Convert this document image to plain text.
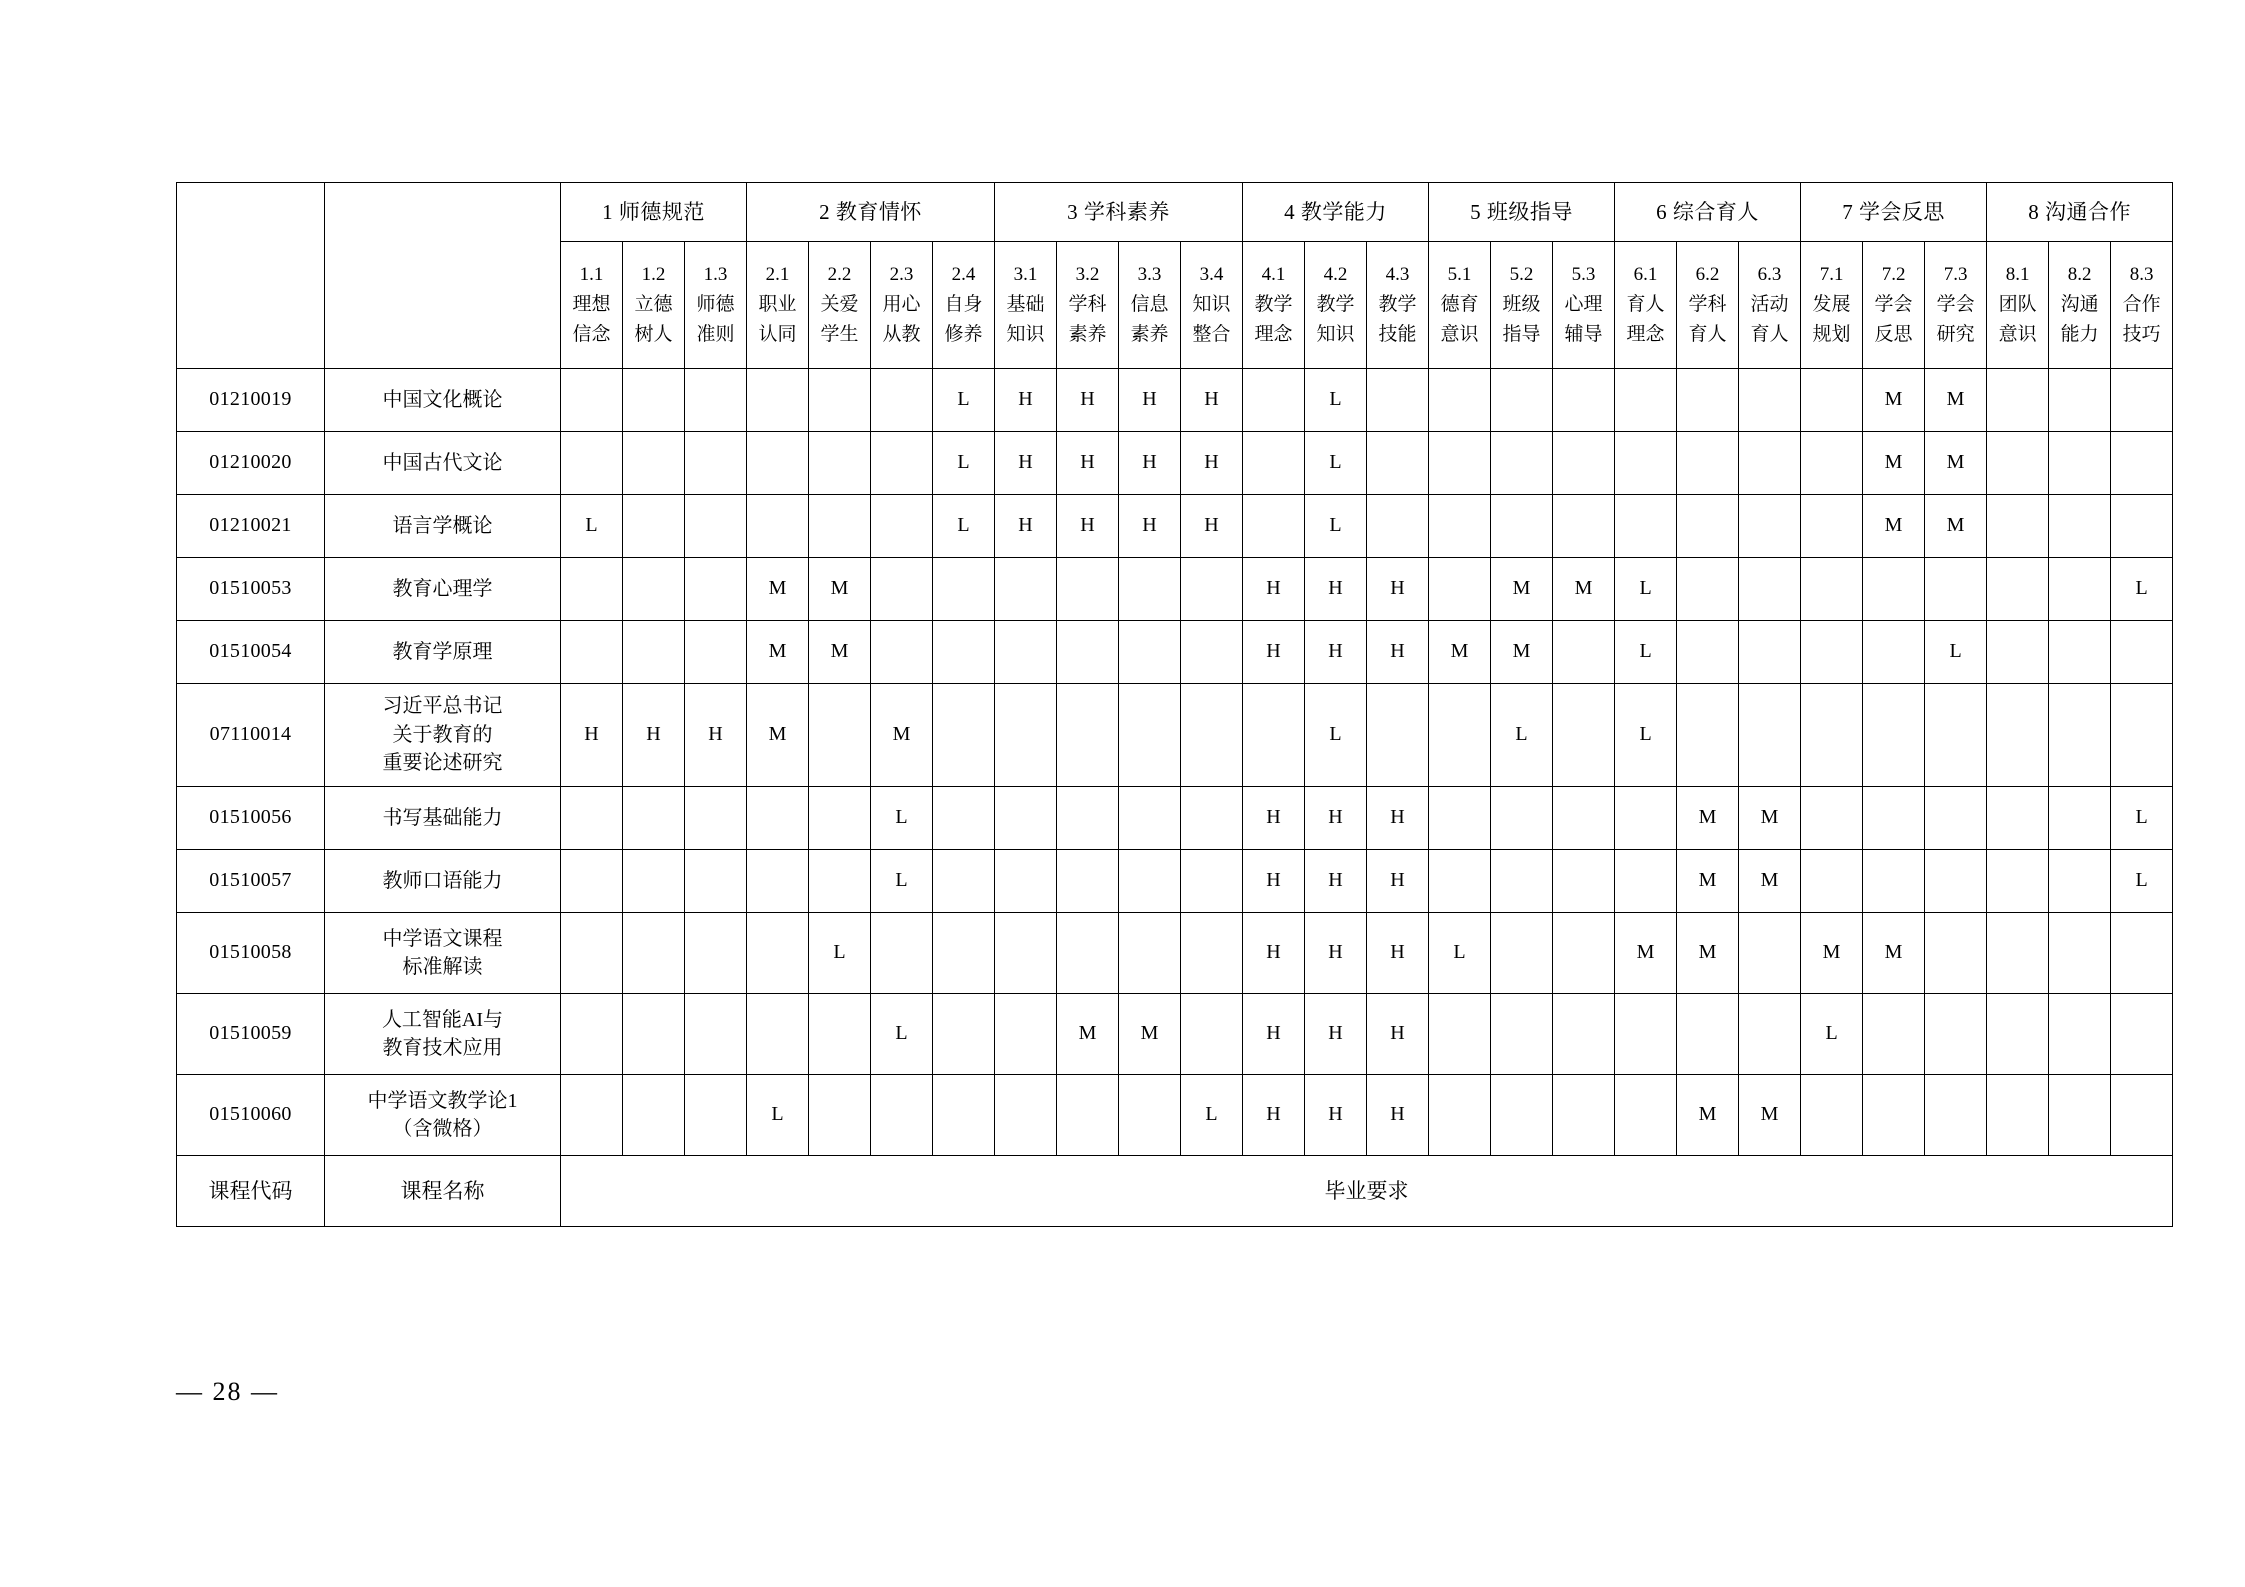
		1 师德规范			2 教育情怀				3 学科素养				4 教学能力			5 班级指导			6 综合育人			7 学会反思			8 沟通合作		

		1.1
理想
信念	1.2
立德
树人	1.3
师德
准则	2.1
职业
认同	2.2
关爱
学生	2.3
用心
从教	2.4
自身
修养	3.1
基础
知识	3.2
学科
素养	3.3
信息
素养	3.4
知识
整合	4.1
教学
理念	4.2
教学
知识	4.3
教学
技能	5.1
德育
意识	5.2
班级
指导	5.3
心理
辅导	6.1
育人
理念	6.2
学科
育人	6.3
活动
育人	7.1
发展
规划	7.2
学会
反思	7.3
学会
研究	8.1
团队
意识	8.2
沟通
能力	8.3
合作
技巧

01210019	中国文化概论							L	H	H	H	H		L									M	M			
01210020	中国古代文论							L	H	H	H	H		L									M	M			
01210021	语言学概论	L						L	H	H	H	H		L									M	M			
01510053	教育心理学				M	M							H	H	H		M	M	L								L
01510054	教育学原理				M	M							H	H	H	M	M		L					L			
07110014	习近平总书记
关于教育的
重要论述研究	H	H	H	M		M							L			L		L								
01510056	书写基础能力						L						H	H	H					M	M						L
01510057	教师口语能力						L						H	H	H					M	M						L
01510058	中学语文课程
标准解读					L							H	H	H	L			M	M		M	M				
01510059	人工智能AI与
教育技术应用						L			M	M		H	H	H							L					
01510060	中学语文教学论1
（含微格）				L							L	H	H	H					M	M						
课程代码	课程名称	毕业要求																									
— 28 —
